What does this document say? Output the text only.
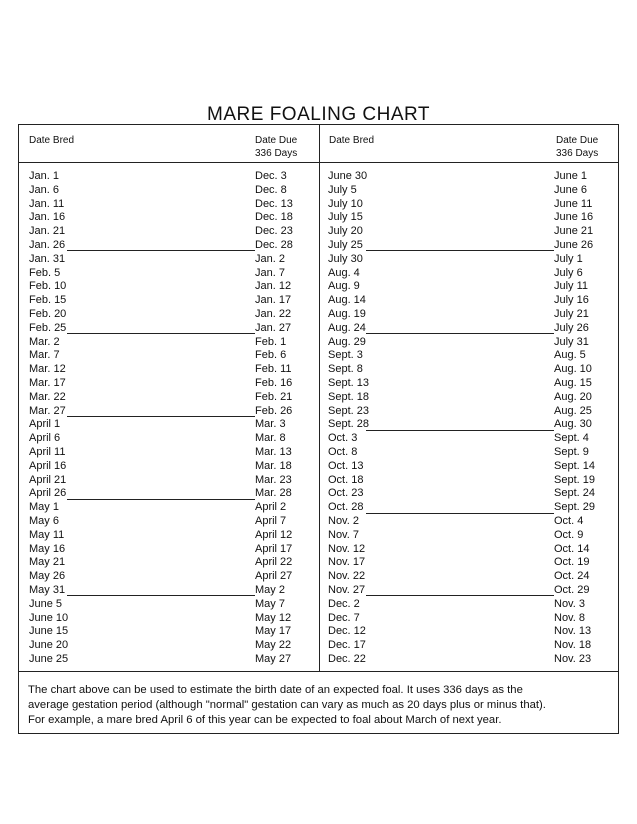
MARE FOALING CHART
Date Bred	Date Due
336 Days
Date Bred	Date Due
336 Days
Jan. 1	Dec. 3
Jan. 6	Dec. 8
Jan. 11	Dec. 13
Jan. 16	Dec. 18
Jan. 21	Dec. 23
Jan. 26	Dec. 28
Jan. 31	Jan. 2
Feb. 5	Jan. 7
Feb. 10	Jan. 12
Feb. 15	Jan. 17
Feb. 20	Jan. 22
Feb. 25	Jan. 27
Mar. 2	Feb. 1
Mar. 7	Feb. 6
Mar. 12	Feb. 11
Mar. 17	Feb. 16
Mar. 22	Feb. 21
Mar. 27	Feb. 26
April 1	Mar. 3
April 6	Mar. 8
April 11	Mar. 13
April 16	Mar. 18
April 21	Mar. 23
April 26	Mar. 28
May 1	April 2
May 6	April 7
May 11	April 12
May 16	April 17
May 21	April 22
May 26	April 27
May 31	May 2
June 5	May 7
June 10	May 12
June 15	May 17
June 20	May 22
June 25	May 27
June 30	June 1
July 5	June 6
July 10	June 11
July 15	June 16
July 20	June 21
July 25	June 26
July 30	July 1
Aug. 4	July 6
Aug. 9	July 11
Aug. 14	July 16
Aug. 19	July 21
Aug. 24	July 26
Aug. 29	July 31
Sept. 3	Aug. 5
Sept. 8	Aug. 10
Sept. 13	Aug. 15
Sept. 18	Aug. 20
Sept. 23	Aug. 25
Sept. 28	Aug. 30
Oct. 3	Sept. 4
Oct. 8	Sept. 9
Oct. 13	Sept. 14
Oct. 18	Sept. 19
Oct. 23	Sept. 24
Oct. 28	Sept. 29
Nov. 2	Oct. 4
Nov. 7	Oct. 9
Nov. 12	Oct. 14
Nov. 17	Oct. 19
Nov. 22	Oct. 24
Nov. 27	Oct. 29
Dec. 2	Nov. 3
Dec. 7	Nov. 8
Dec. 12	Nov. 13
Dec. 17	Nov. 18
Dec. 22	Nov. 23
The chart above can be used to estimate the birth date of an expected foal. It uses 336 days as the
average gestation period (although "normal" gestation can vary as much as 20 days plus or minus that).
For example, a mare bred April 6 of this year can be expected to foal about March of next year.
